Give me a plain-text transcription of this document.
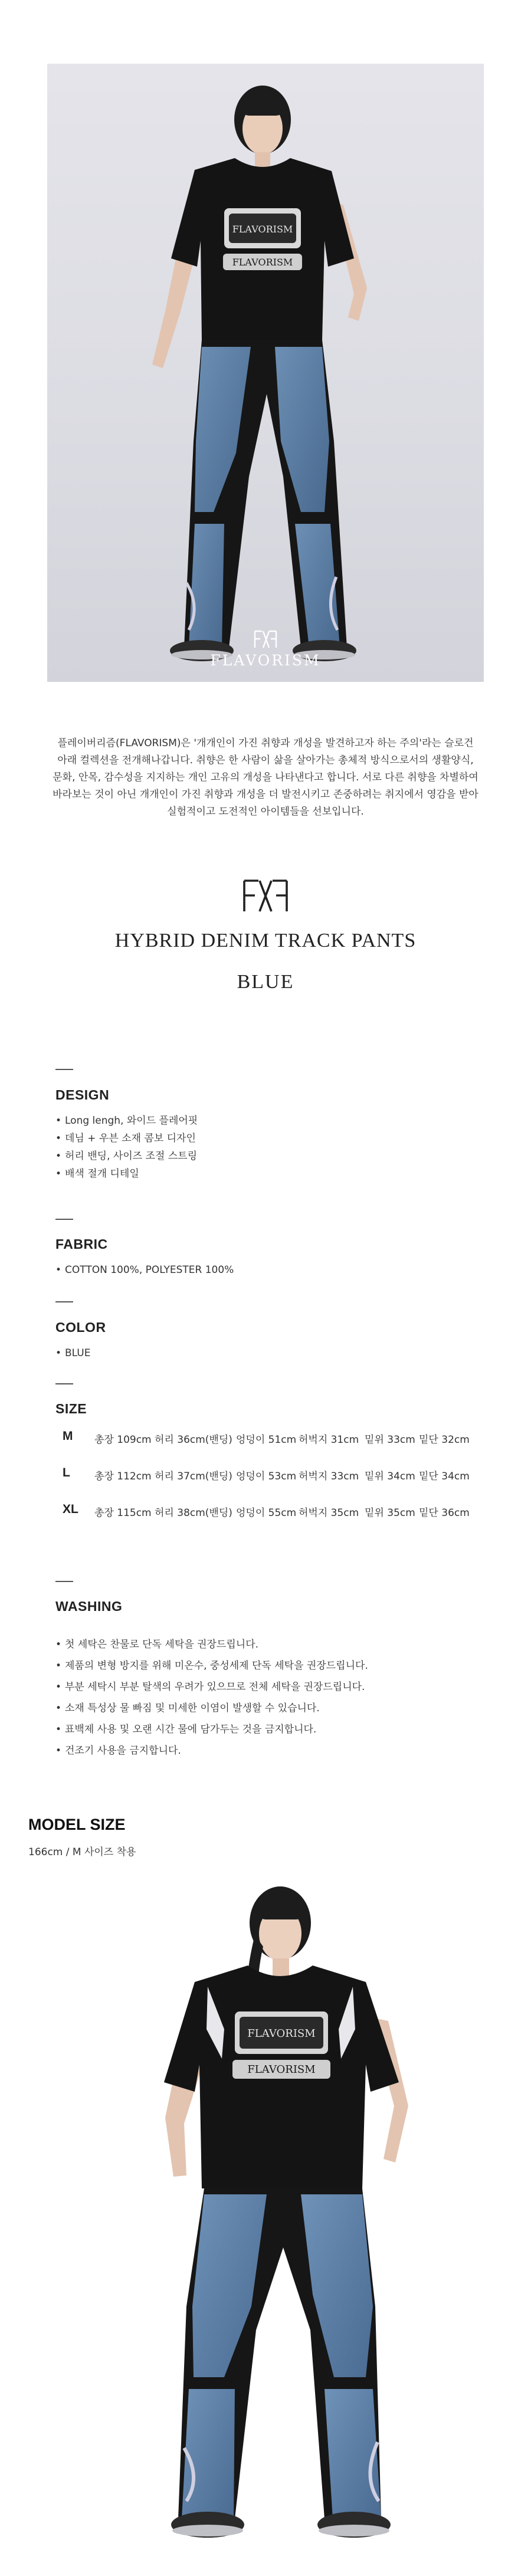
FLAVORISM
FLAVORISM
FLAVORISM
플레이버리즘(FLAVORISM)은 '개개인이 가진 취향과 개성을 발견하고자 하는 주의'라는 슬로건
아래 컬렉션을 전개해나갑니다. 취향은 한 사람이 삶을 살아가는 총체적 방식으로서의 생활양식,
문화, 안목, 감수성을 지지하는 개인 고유의 개성을 나타낸다고 합니다. 서로 다른 취향을 차별하여
바라보는 것이 아닌 개개인이 가진 취향과 개성을 더 발전시키고 존중하려는 취지에서 영감을 받아
실험적이고 도전적인 아이템들을 선보입니다.
HYBRID DENIM TRACK PANTS
BLUE
DESIGN
• Long lengh, 와이드 플레어핏
• 데님 + 우븐 소재 콤보 디자인
• 허리 밴딩, 사이즈 조절 스트링
• 배색 절개 디테일
FABRIC
• COTTON 100%, POLYESTER 100%
COLOR
• BLUE
SIZE
M 총장 109cm 허리 36cm(밴딩) 엉덩이 51cm 허벅지 31cm 밑위 33cm 밑단 32cm
L 총장 112cm 허리 37cm(밴딩) 엉덩이 53cm 허벅지 33cm 밑위 34cm 밑단 34cm
XL 총장 115cm 허리 38cm(밴딩) 엉덩이 55cm 허벅지 35cm 밑위 35cm 밑단 36cm
WASHING
• 첫 세탁은 찬물로 단독 세탁을 권장드립니다.
• 제품의 변형 방지를 위해 미온수, 중성세제 단독 세탁을 권장드립니다.
• 부분 세탁시 부분 탈색의 우려가 있으므로 전체 세탁을 권장드립니다.
• 소재 특성상 물 빠짐 및 미세한 이염이 발생할 수 있습니다.
• 표백제 사용 및 오랜 시간 물에 담가두는 것을 금지합니다.
• 건조기 사용을 금지합니다.
MODEL SIZE
166cm / M 사이즈 착용
FLAVORISM
FLAVORISM
